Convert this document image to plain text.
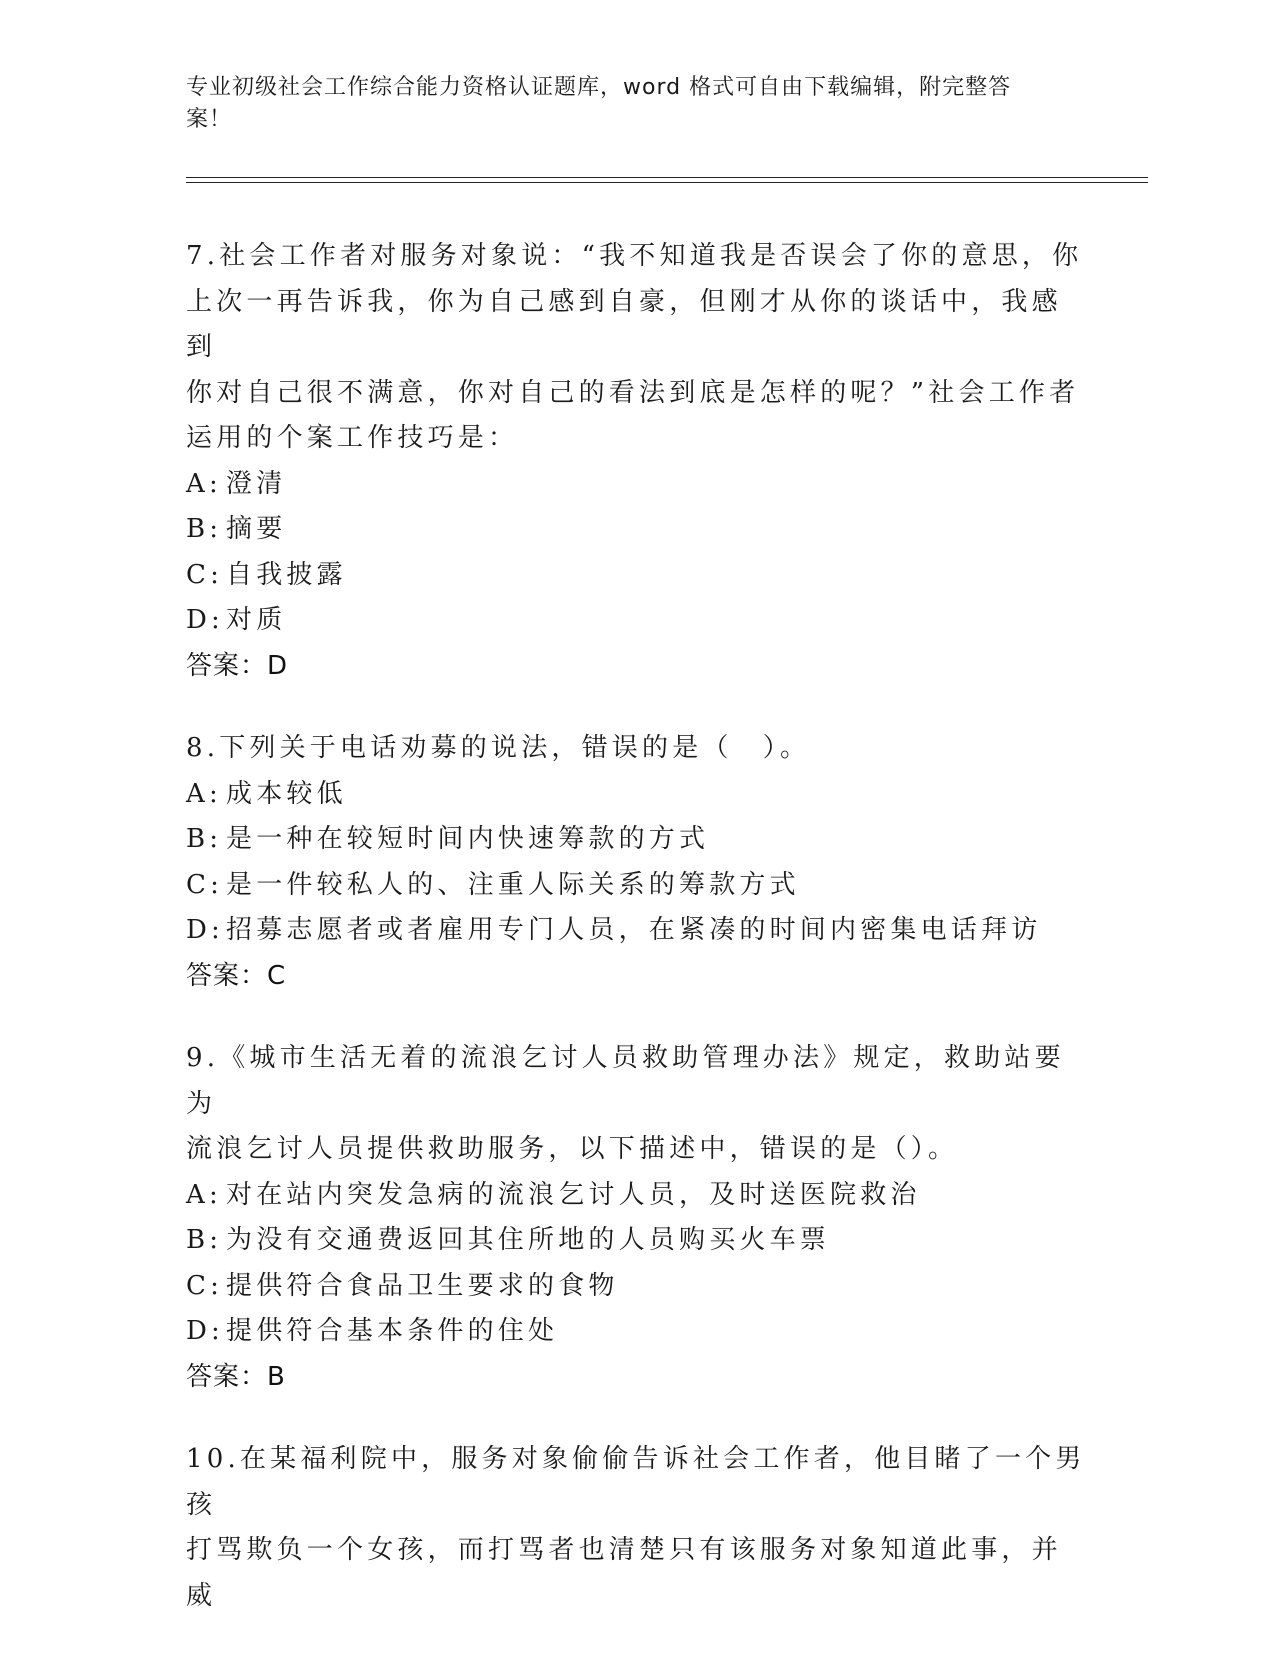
专业初级社会工作综合能力资格认证题库，word 格式可自由下载编辑，附完整答
案！

7.社会工作者对服务对象说：“我不知道我是否误会了你的意思，你
上次一再告诉我，你为自己感到自豪，但刚才从你的谈话中，我感到
你对自己很不满意，你对自己的看法到底是怎样的呢？”社会工作者
运用的个案工作技巧是：

A: 澄清
B: 摘要
C: 自我披露
D:对质
答案：D

8.下列关于电话劝募的说法，错误的是（　）。

A: 成本较低
B: 是一种在较短时间内快速筹款的方式
C: 是一件较私人的、注重人际关系的筹款方式
D:招募志愿者或者雇用专门人员，在紧凑的时间内密集电话拜访
答案：C

9.《城市生活无着的流浪乞讨人员救助管理办法》规定，救助站要为
流浪乞讨人员提供救助服务，以下描述中，错误的是（）。

A: 对在站内突发急病的流浪乞讨人员，及时送医院救治
B: 为没有交通费返回其住所地的人员购买火车票
C: 提供符合食品卫生要求的食物
D:提供符合基本条件的住处
答案：B

10.在某福利院中，服务对象偷偷告诉社会工作者，他目睹了一个男孩
打骂欺负一个女孩，而打骂者也清楚只有该服务对象知道此事，并威
